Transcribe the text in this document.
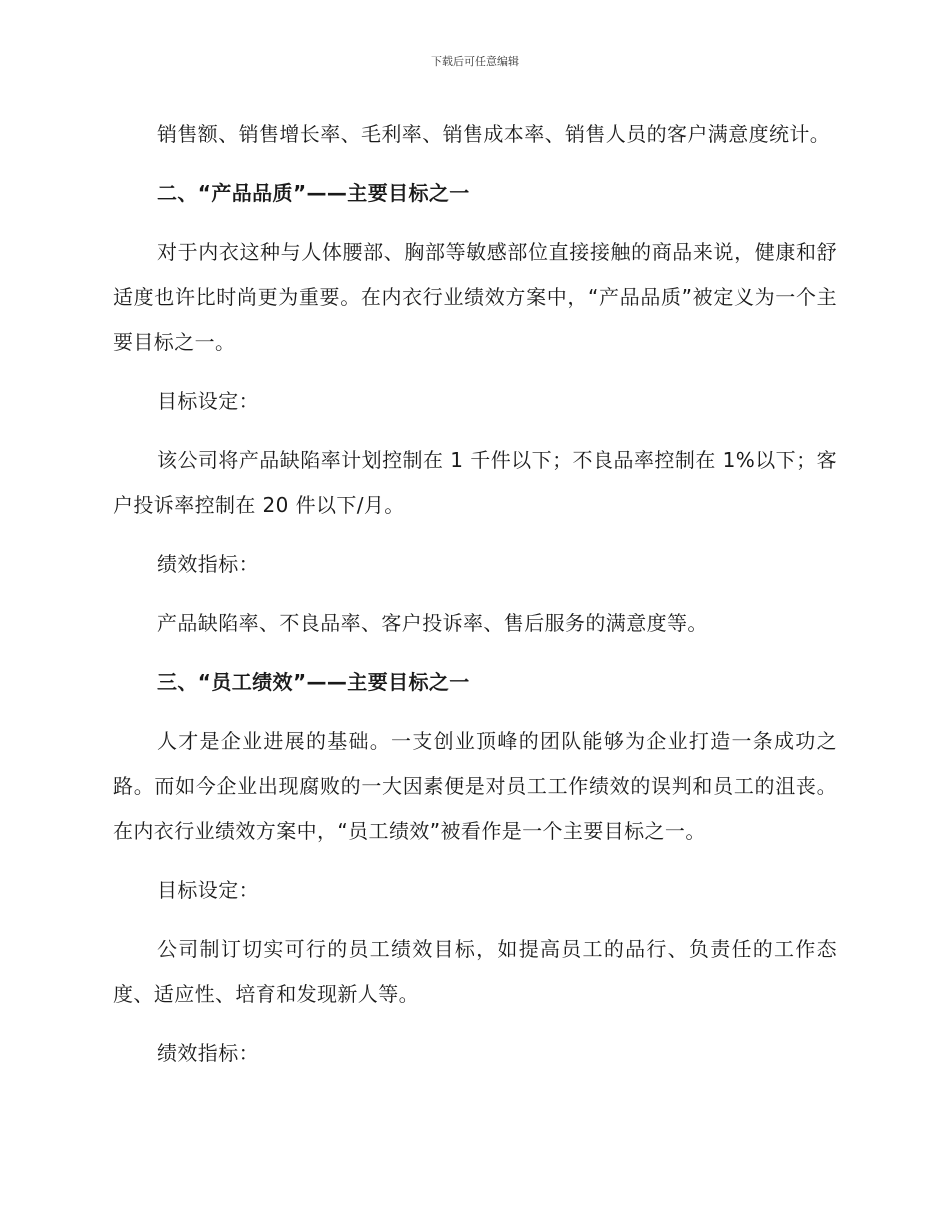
下载后可任意编辑

销售额、销售增长率、毛利率、销售成本率、销售人员的客户满意度统计。

二、“产品品质”——主要目标之一

对于内衣这种与人体腰部、胸部等敏感部位直接接触的商品来说，健康和舒适度也许比时尚更为重要。在内衣行业绩效方案中，“产品品质”被定义为一个主要目标之一。

目标设定：

该公司将产品缺陷率计划控制在 1 千件以下；不良品率控制在 1%以下；客户投诉率控制在 20 件以下/月。

绩效指标：

产品缺陷率、不良品率、客户投诉率、售后服务的满意度等。

三、“员工绩效”——主要目标之一

人才是企业进展的基础。一支创业顶峰的团队能够为企业打造一条成功之路。而如今企业出现腐败的一大因素便是对员工工作绩效的误判和员工的沮丧。在内衣行业绩效方案中，“员工绩效”被看作是一个主要目标之一。

目标设定：

公司制订切实可行的员工绩效目标，如提高员工的品行、负责任的工作态度、适应性、培育和发现新人等。

绩效指标：
